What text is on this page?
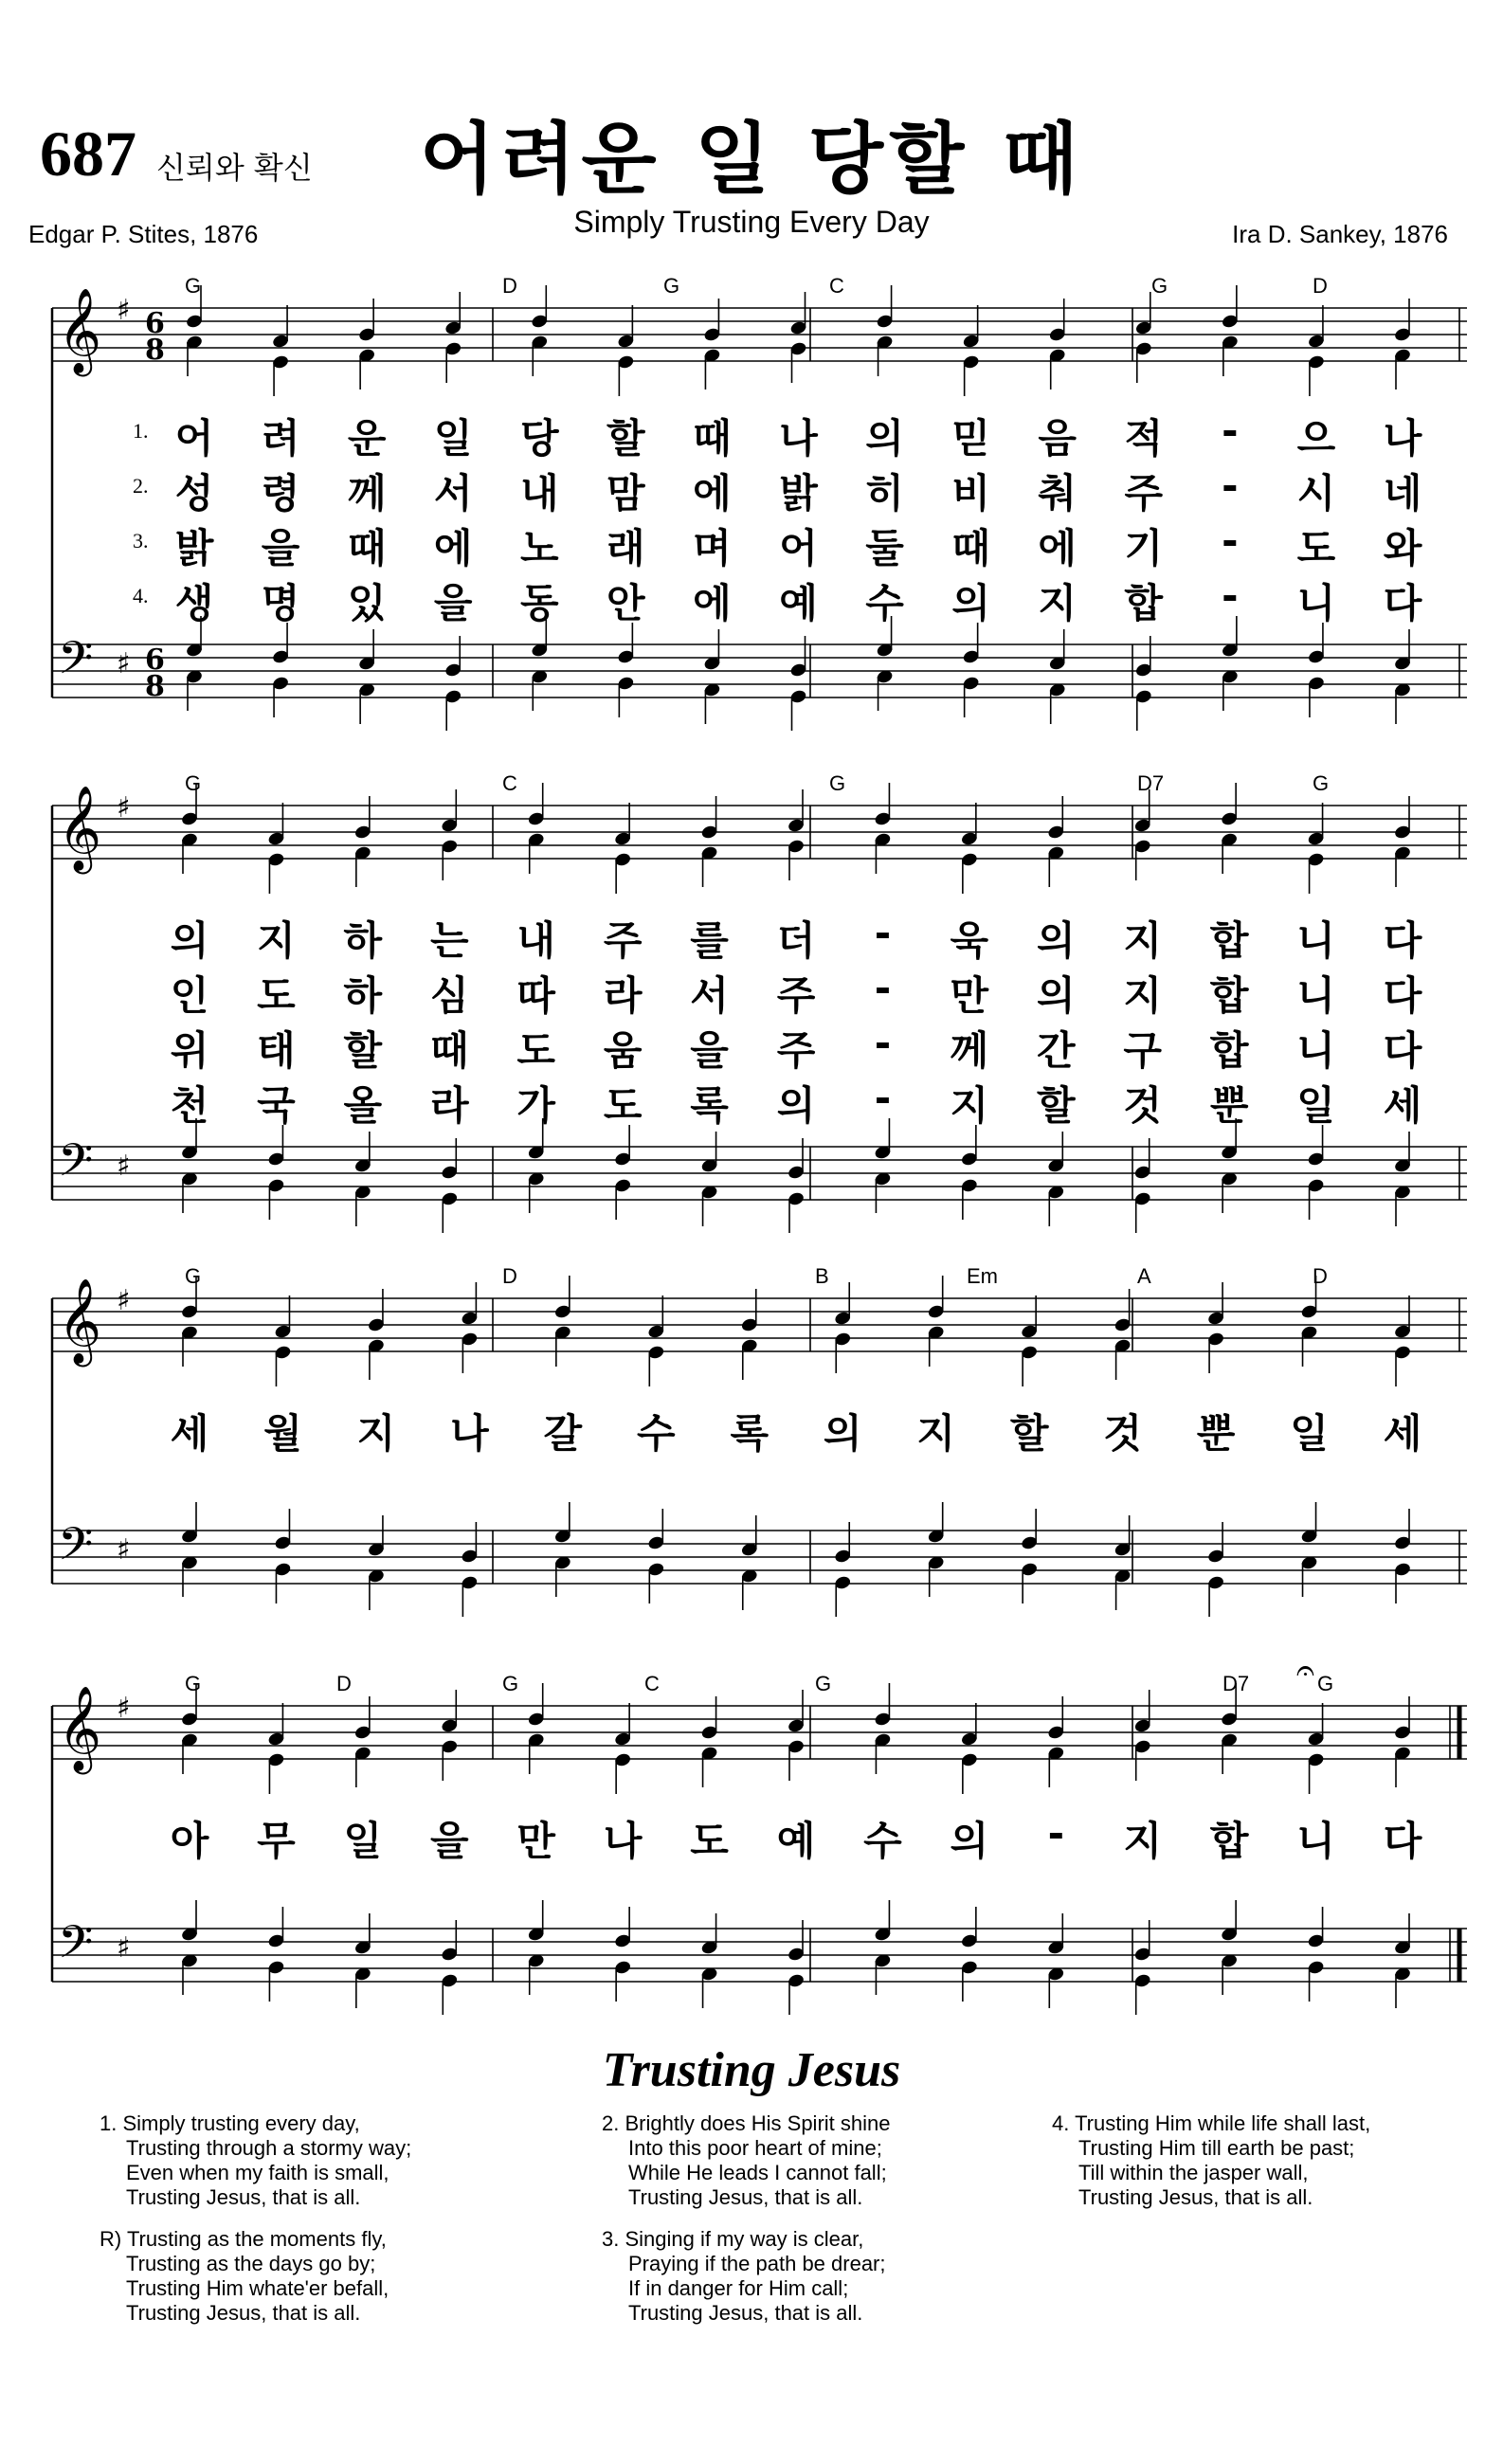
687 신뢰와 확신	어려운 일 당할 때
Simply Trusting Every Day
Edgar P. Stites, 1876	Ira D. Sankey, 1876
G	D	G	C	G	D
𝄞 ♯ 6
8
𝄢 ♯ 6
8
G	C	G	D7	G
𝄞 ♯
𝄢 ♯
G	D	B	Em	A	D
𝄞 ♯
𝄢 ♯
G	D	G	C	G	D7	G
𝄐
𝄞 ♯
𝄢 ♯
1. 어 려 운 일 당 할 때 나 의 믿 음 적	-	으 나
2. 성 령 께 서 내 맘 에 밝 히 비 춰 주	-	시 네
3. 밝 을 때 에 노 래 며 어 둘 때 에 기	-	도 와
4. 생 명 있 을 동 안 에 예 수 의 지 합	-	니 다
의 지 하 는 내 주 를 더	-	욱 의 지 합 니 다
인 도 하 심 따 라 서 주	-	만 의 지 합 니 다
위 태 할 때 도 움 을 주	-	께 간 구 합 니 다
천 국 올 라 가 도 록 의	-	지 할 것 뿐 일 세
세 월 지 나 갈 수 록 의 지 할 것 뿐 일 세
아 무 일 을 만 나 도 예 수 의	-	지 합 니 다
Trusting Jesus
1. Simply trusting every day,
Trusting through a stormy way;
Even when my faith is small,
Trusting Jesus, that is all.
R) Trusting as the moments fly,
Trusting as the days go by;
Trusting Him whate'er befall,
Trusting Jesus, that is all.
2. Brightly does His Spirit shine
Into this poor heart of mine;
While He leads I cannot fall;
Trusting Jesus, that is all.
3. Singing if my way is clear,
Praying if the path be drear;
If in danger for Him call;
Trusting Jesus, that is all.
4. Trusting Him while life shall last,
Trusting Him till earth be past;
Till within the jasper wall,
Trusting Jesus, that is all.
